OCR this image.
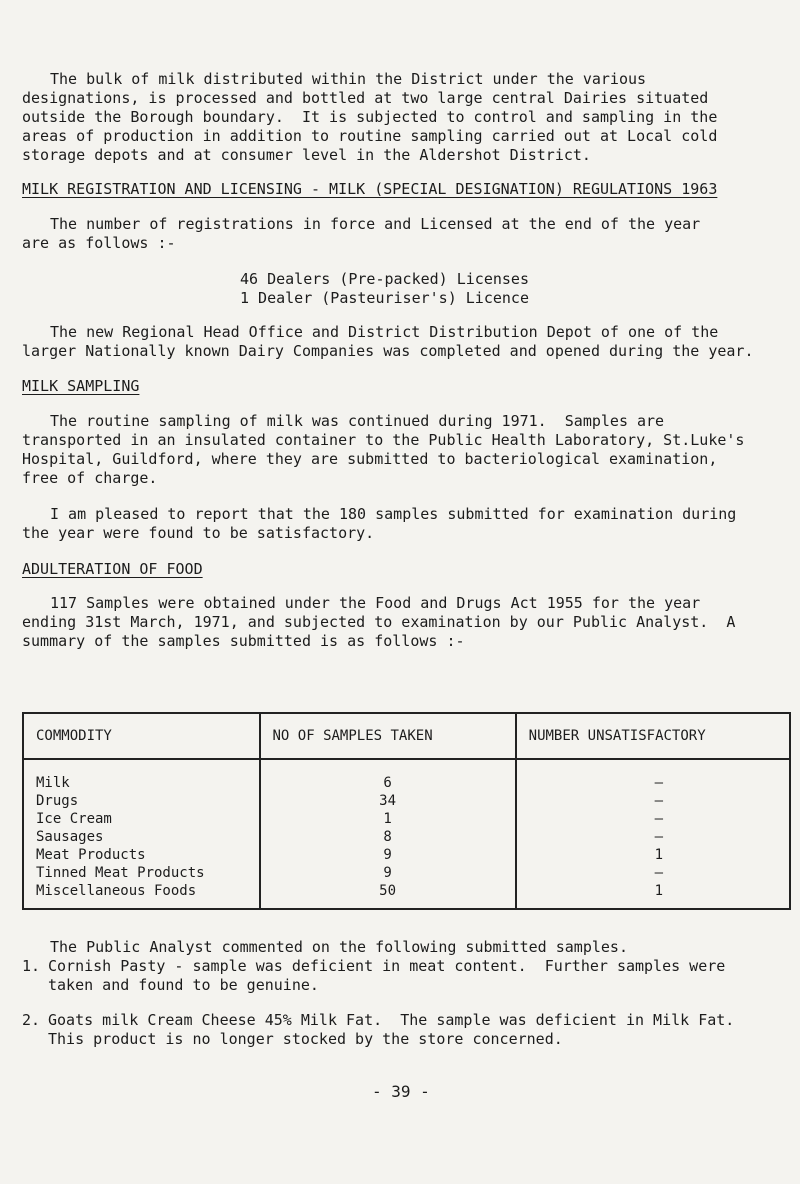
The bulk of milk distributed within the District under the various

designations, is processed and bottled at two large central Dairies situated

outside the Borough boundary.  It is subjected to control and sampling in the

areas of production in addition to routine sampling carried out at Local cold

storage depots and at consumer level in the Aldershot District.

MILK REGISTRATION AND LICENSING - MILK (SPECIAL DESIGNATION) REGULATIONS 1963

The number of registrations in force and Licensed at the end of the year

are as follows :-

46 Dealers (Pre-packed) Licenses

1 Dealer (Pasteuriser's) Licence

The new Regional Head Office and District Distribution Depot of one of the

larger Nationally known Dairy Companies was completed and opened during the year.

MILK SAMPLING

The routine sampling of milk was continued during 1971.  Samples are

transported in an insulated container to the Public Health Laboratory, St.Luke's

Hospital, Guildford, where they are submitted to bacteriological examination,

free of charge.

I am pleased to report that the 180 samples submitted for examination during

the year were found to be satisfactory.

ADULTERATION OF FOOD

117 Samples were obtained under the Food and Drugs Act 1955 for the year

ending 31st March, 1971, and subjected to examination by our Public Analyst.  A

summary of the samples submitted is as follows :-

COMMODITY	NO OF SAMPLES TAKEN	NUMBER UNSATISFACTORY
Milk	6	–
Drugs	34	–
Ice Cream	1	–
Sausages	8	–
Meat Products	9	1
Tinned Meat Products	9	–
Miscellaneous Foods	50	1

The Public Analyst commented on the following submitted samples.

1. Cornish Pasty - sample was deficient in meat content.  Further samples were

taken and found to be genuine.

2. Goats milk Cream Cheese 45% Milk Fat.  The sample was deficient in Milk Fat.

This product is no longer stocked by the store concerned.

- 39 -
